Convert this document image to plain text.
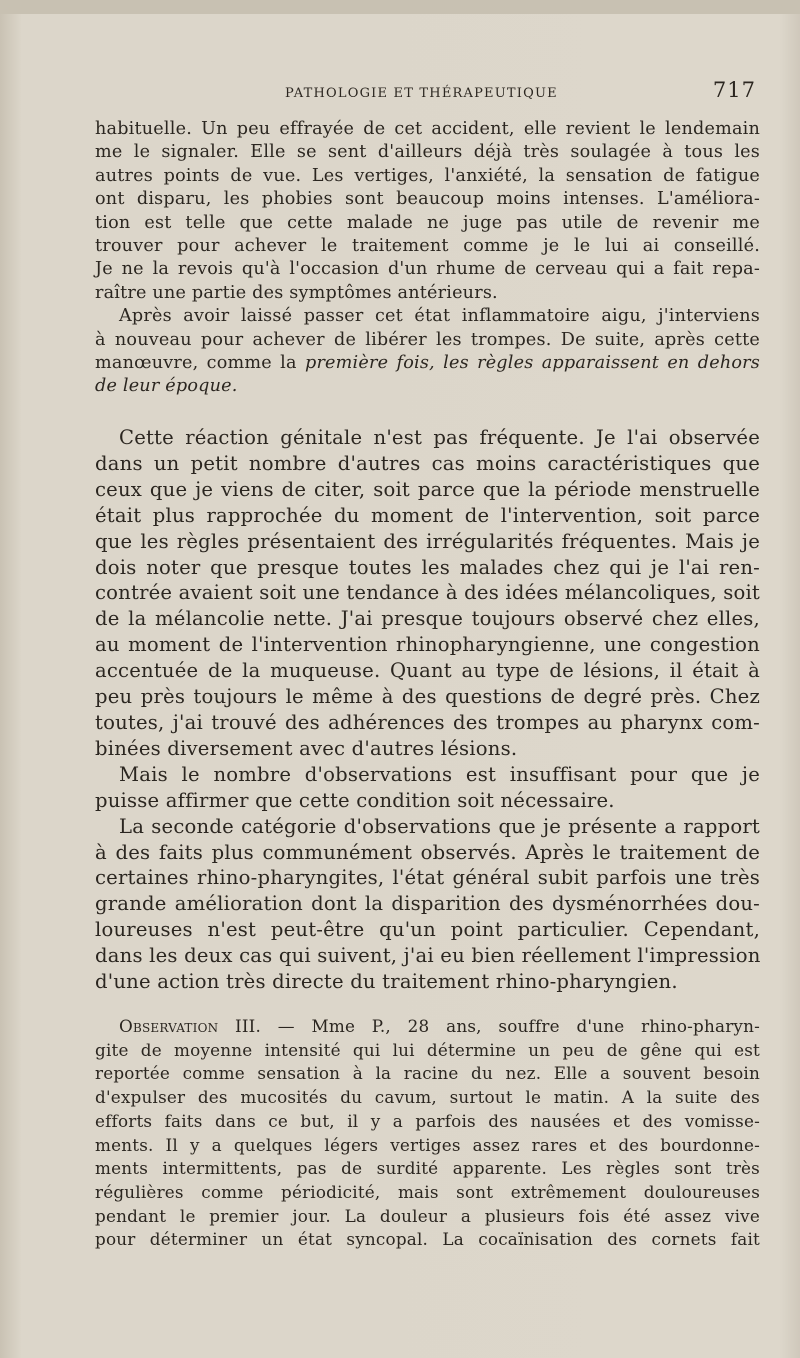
PATHOLOGIE ET THÉRAPEUTIQUE	717
habituelle. Un peu effrayée de cet accident, elle revient le lendemain
me le signaler. Elle se sent d'ailleurs déjà très soulagée à tous les
autres points de vue. Les vertiges, l'anxiété, la sensation de fatigue
ont disparu, les phobies sont beaucoup moins intenses. L'améliora-
tion est telle que cette malade ne juge pas utile de revenir me
trouver pour achever le traitement comme je le lui ai conseillé.
Je ne la revois qu'à l'occasion d'un rhume de cerveau qui a fait repa-
raître une partie des symptômes antérieurs.
Après avoir laissé passer cet état inflammatoire aigu, j'interviens
à nouveau pour achever de libérer les trompes. De suite, après cette
manœuvre, comme la première fois, les règles apparaissent en dehors
de leur époque.
Cette réaction génitale n'est pas fréquente. Je l'ai observée
dans un petit nombre d'autres cas moins caractéristiques que
ceux que je viens de citer, soit parce que la période menstruelle
était plus rapprochée du moment de l'intervention, soit parce
que les règles présentaient des irrégularités fréquentes. Mais je
dois noter que presque toutes les malades chez qui je l'ai ren-
contrée avaient soit une tendance à des idées mélancoliques, soit
de la mélancolie nette. J'ai presque toujours observé chez elles,
au moment de l'intervention rhinopharyngienne, une congestion
accentuée de la muqueuse. Quant au type de lésions, il était à
peu près toujours le même à des questions de degré près. Chez
toutes, j'ai trouvé des adhérences des trompes au pharynx com-
binées diversement avec d'autres lésions.
Mais le nombre d'observations est insuffisant pour que je
puisse affirmer que cette condition soit nécessaire.
La seconde catégorie d'observations que je présente a rapport
à des faits plus communément observés. Après le traitement de
certaines rhino-pharyngites, l'état général subit parfois une très
grande amélioration dont la disparition des dysménorrhées dou-
loureuses n'est peut-être qu'un point particulier. Cependant,
dans les deux cas qui suivent, j'ai eu bien réellement l'impression
d'une action très directe du traitement rhino-pharyngien.
Observation III. — Mme P., 28 ans, souffre d'une rhino-pharyn-
gite de moyenne intensité qui lui détermine un peu de gêne qui est
reportée comme sensation à la racine du nez. Elle a souvent besoin
d'expulser des mucosités du cavum, surtout le matin. A la suite des
efforts faits dans ce but, il y a parfois des nausées et des vomisse-
ments. Il y a quelques légers vertiges assez rares et des bourdonne-
ments intermittents, pas de surdité apparente. Les règles sont très
régulières comme périodicité, mais sont extrêmement douloureuses
pendant le premier jour. La douleur a plusieurs fois été assez vive
pour déterminer un état syncopal. La cocaïnisation des cornets fait
